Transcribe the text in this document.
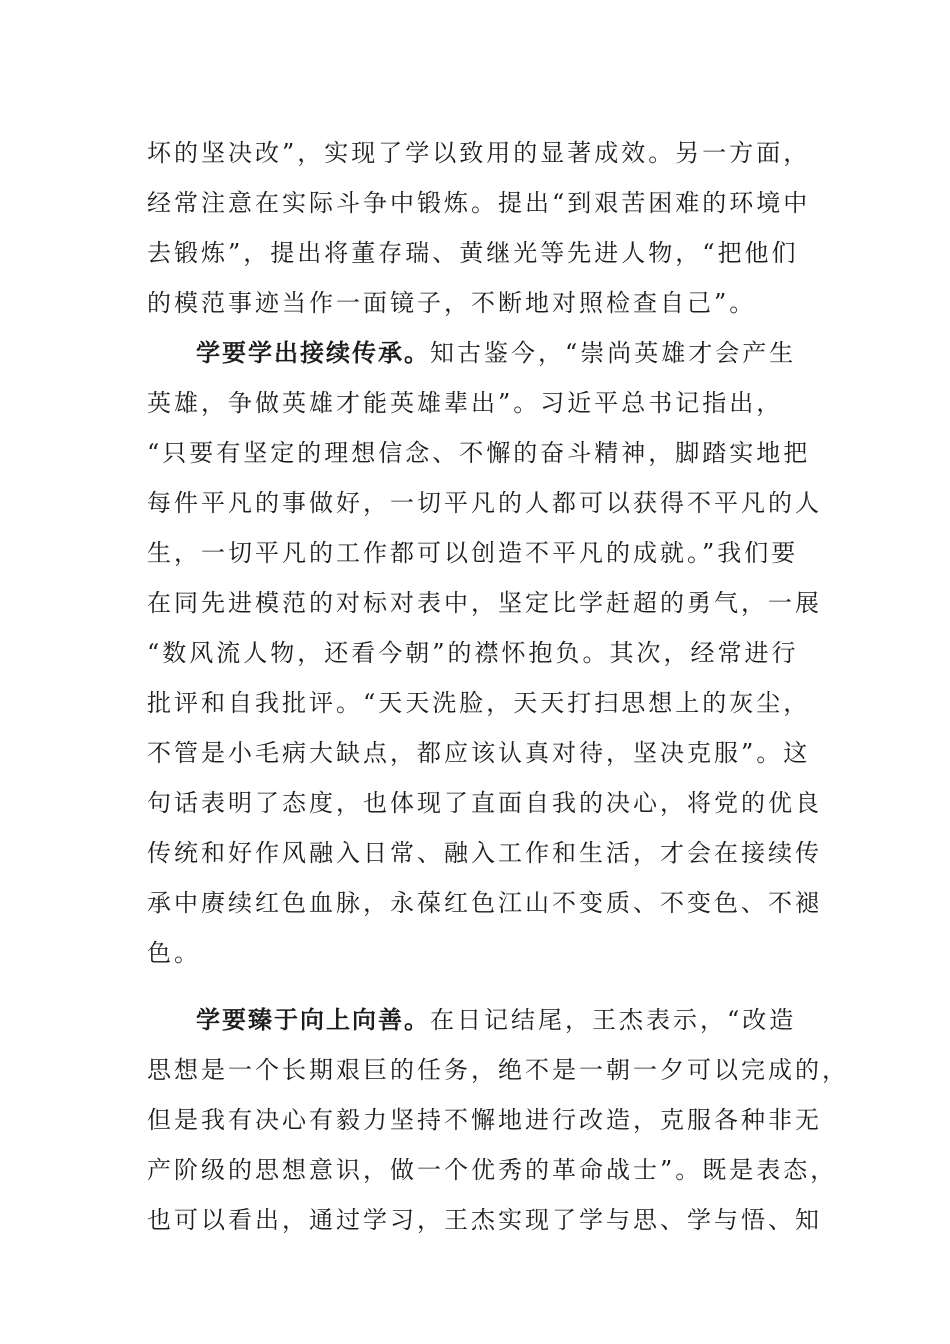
坏的坚决改”，实现了学以致用的显著成效。另一方面，
经常注意在实际斗争中锻炼。提出“到艰苦困难的环境中
去锻炼”，提出将董存瑞、黄继光等先进人物，“把他们
的模范事迹当作一面镜子，不断地对照检查自己”。
学要学出接续传承。知古鉴今，“崇尚英雄才会产生
英雄，争做英雄才能英雄辈出”。习近平总书记指出，
“只要有坚定的理想信念、不懈的奋斗精神，脚踏实地把
每件平凡的事做好，一切平凡的人都可以获得不平凡的人
生，一切平凡的工作都可以创造不平凡的成就。”我们要
在同先进模范的对标对表中，坚定比学赶超的勇气，一展
“数风流人物，还看今朝”的襟怀抱负。其次，经常进行
批评和自我批评。“天天洗脸，天天打扫思想上的灰尘，
不管是小毛病大缺点，都应该认真对待，坚决克服”。这
句话表明了态度，也体现了直面自我的决心，将党的优良
传统和好作风融入日常、融入工作和生活，才会在接续传
承中赓续红色血脉，永葆红色江山不变质、不变色、不褪
色。
学要臻于向上向善。在日记结尾，王杰表示，“改造
思想是一个长期艰巨的任务，绝不是一朝一夕可以完成的，
但是我有决心有毅力坚持不懈地进行改造，克服各种非无
产阶级的思想意识，做一个优秀的革命战士”。既是表态，
也可以看出，通过学习，王杰实现了学与思、学与悟、知
